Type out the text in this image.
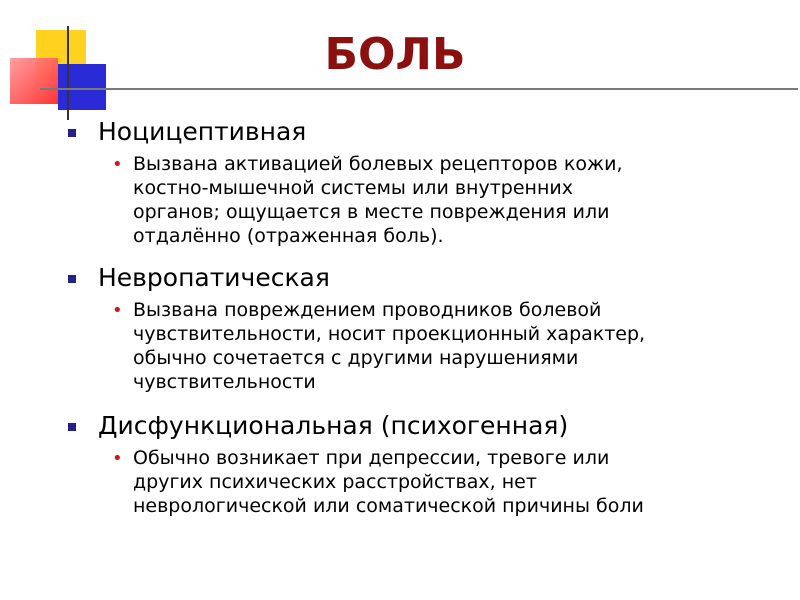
БОЛЬ
Ноцицептивная
• Вызвана активацией болевых рецепторов кожи,
костно-мышечной системы или внутренних
органов; ощущается в месте повреждения или
отдалённо (отраженная боль).
Невропатическая
• Вызвана повреждением проводников болевой
чувствительности, носит проекционный характер,
обычно сочетается с другими нарушениями
чувствительности
Дисфункциональная (психогенная)
• Обычно возникает при депрессии, тревоге или
других психических расстройствах, нет
неврологической или соматической причины боли
